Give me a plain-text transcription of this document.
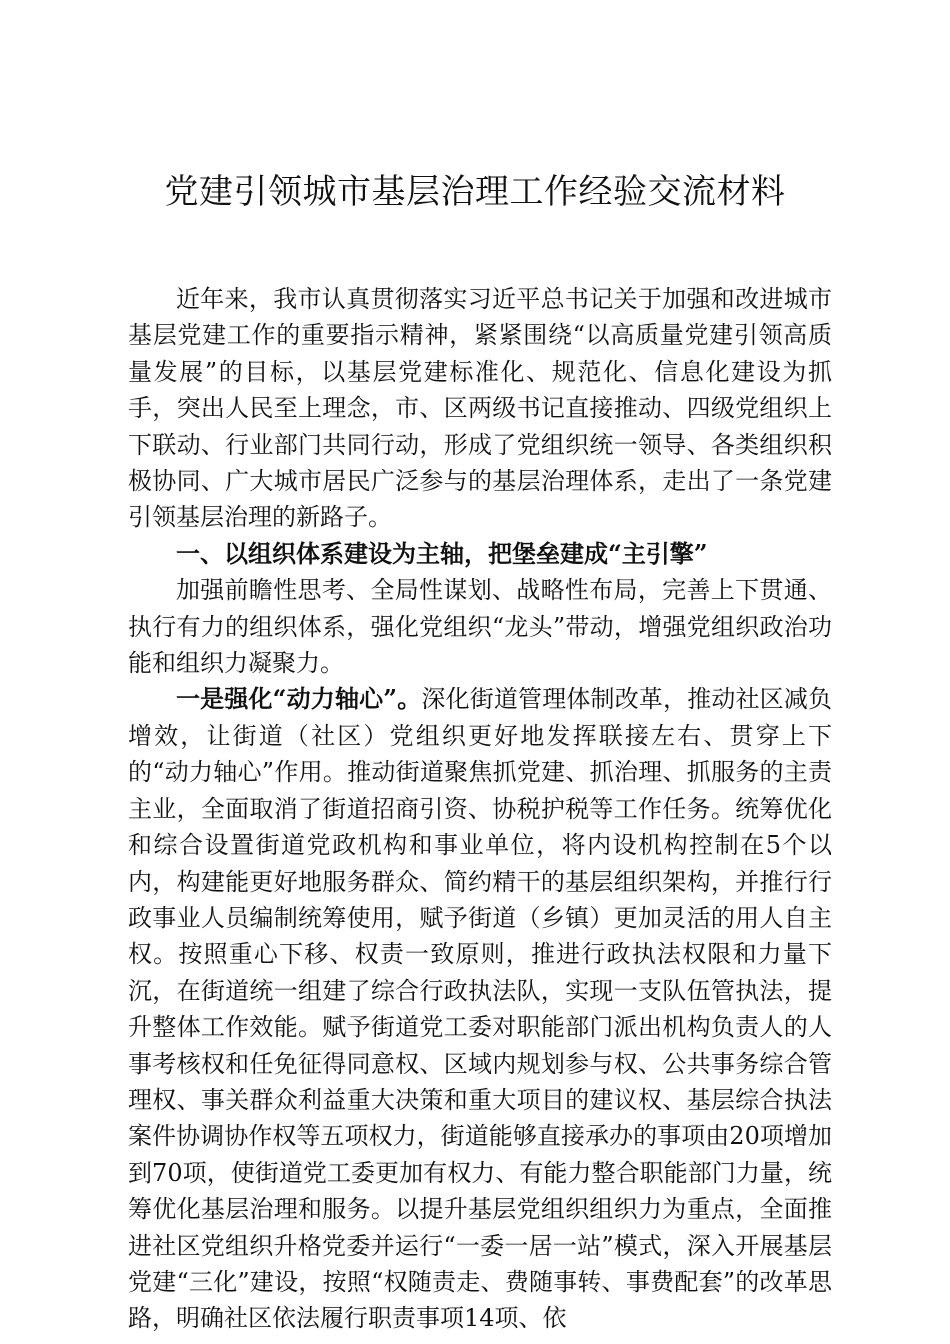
党建引领城市基层治理工作经验交流材料

近年来，我市认真贯彻落实习近平总书记关于加强和改进城市基层党建工作的重要指示精神，紧紧围绕“以高质量党建引领高质量发展”的目标，以基层党建标准化、规范化、信息化建设为抓手，突出人民至上理念，市、区两级书记直接推动、四级党组织上下联动、行业部门共同行动，形成了党组织统一领导、各类组织积极协同、广大城市居民广泛参与的基层治理体系，走出了一条党建引领基层治理的新路子。

一、以组织体系建设为主轴，把堡垒建成“主引擎”

加强前瞻性思考、全局性谋划、战略性布局，完善上下贯通、执行有力的组织体系，强化党组织“龙头”带动，增强党组织政治功能和组织力凝聚力。

一是强化“动力轴心”。深化街道管理体制改革，推动社区减负增效，让街道（社区）党组织更好地发挥联接左右、贯穿上下的“动力轴心”作用。推动街道聚焦抓党建、抓治理、抓服务的主责主业，全面取消了街道招商引资、协税护税等工作任务。统筹优化和综合设置街道党政机构和事业单位，将内设机构控制在5个以内，构建能更好地服务群众、简约精干的基层组织架构，并推行行政事业人员编制统筹使用，赋予街道（乡镇）更加灵活的用人自主权。按照重心下移、权责一致原则，推进行政执法权限和力量下沉，在街道统一组建了综合行政执法队，实现一支队伍管执法，提升整体工作效能。赋予街道党工委对职能部门派出机构负责人的人事考核权和任免征得同意权、区域内规划参与权、公共事务综合管理权、事关群众利益重大决策和重大项目的建议权、基层综合执法案件协调协作权等五项权力，街道能够直接承办的事项由20项增加到70项，使街道党工委更加有权力、有能力整合职能部门力量，统筹优化基层治理和服务。以提升基层党组织组织力为重点，全面推进社区党组织升格党委并运行“一委一居一站”模式，深入开展基层党建“三化”建设，按照“权随责走、费随事转、事费配套”的改革思路，明确社区依法履行职责事项14项、依
